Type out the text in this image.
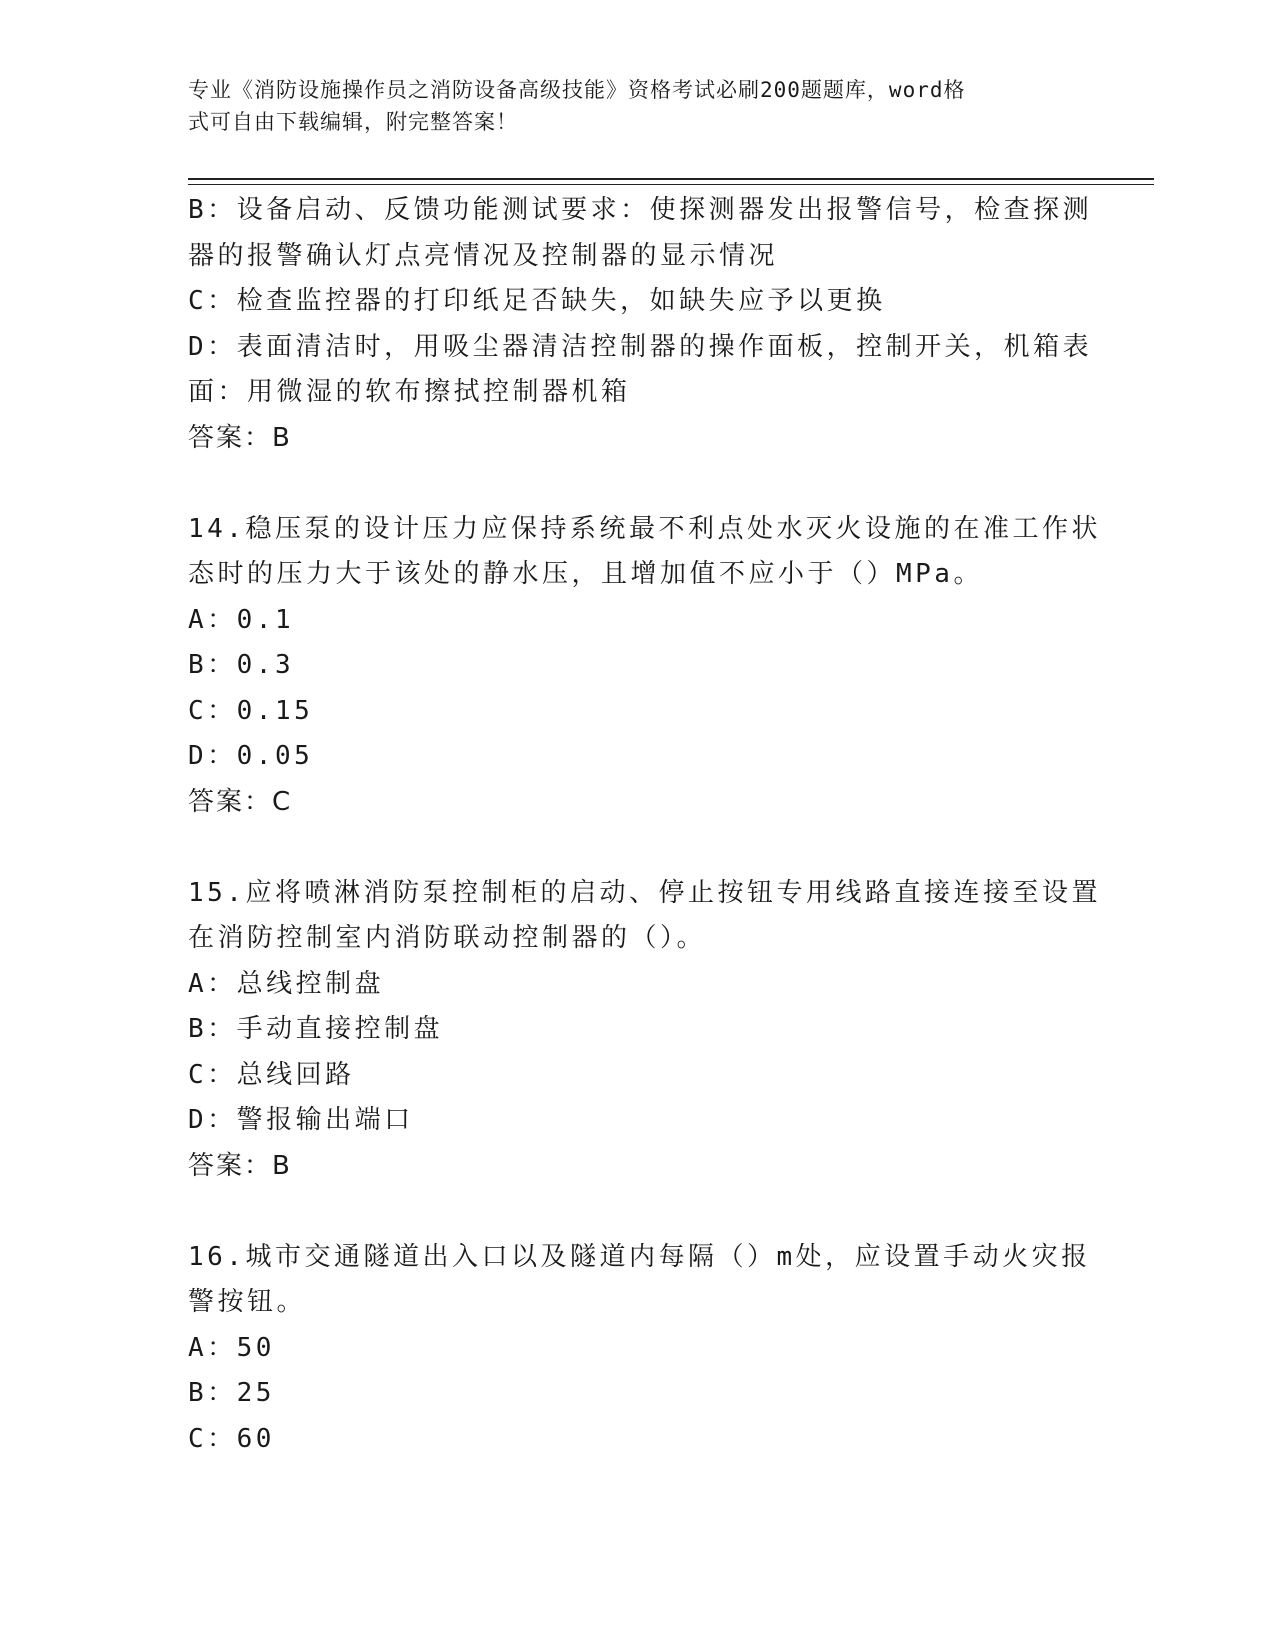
专业《消防设施操作员之消防设备高级技能》资格考试必刷200题题库，word格
式可自由下载编辑，附完整答案！
B：设备启动、反馈功能测试要求：使探测器发出报警信号，检查探测
器的报警确认灯点亮情况及控制器的显示情况
C：检查监控器的打印纸足否缺失，如缺失应予以更换
D：表面清洁时，用吸尘器清洁控制器的操作面板，控制开关，机箱表
面：用微湿的软布擦拭控制器机箱
答案：B
14.稳压泵的设计压力应保持系统最不利点处水灭火设施的在准工作状
态时的压力大于该处的静水压，且增加值不应小于（）MPa。
A：0.1
B：0.3
C：0.15
D：0.05
答案：C
15.应将喷淋消防泵控制柜的启动、停止按钮专用线路直接连接至设置
在消防控制室内消防联动控制器的（）。
A：总线控制盘
B：手动直接控制盘
C：总线回路
D：警报输出端口
答案：B
16.城市交通隧道出入口以及隧道内每隔（）m处，应设置手动火灾报
警按钮。
A：50
B：25
C：60
